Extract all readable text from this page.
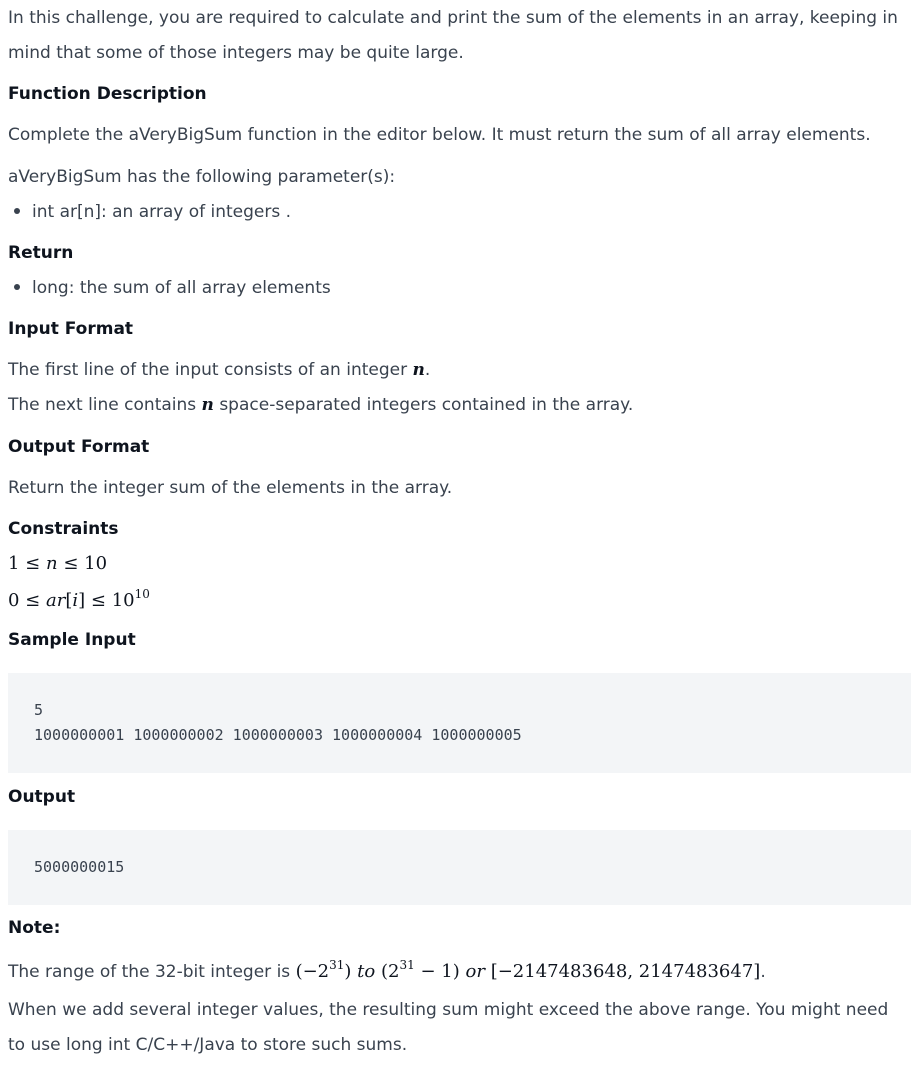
In this challenge, you are required to calculate and print the sum of the elements in an array, keeping in mind that some of those integers may be quite large.
Function Description
Complete the aVeryBigSum function in the editor below. It must return the sum of all array elements.
aVeryBigSum has the following parameter(s):
int ar[n]: an array of integers .
Return
long: the sum of all array elements
Input Format
The first line of the input consists of an integer n.
The next line contains n space-separated integers contained in the array.
Output Format
Return the integer sum of the elements in the array.
Constraints
1 ≤ n ≤ 10
$0 \le ar[i] \le 10^{10}$
Sample Input
5
1000000001 1000000002 1000000003 1000000004 1000000005
Output
5000000015
Note:
The range of the 32-bit integer is $(-2^{31})$ to $(2^{31} - 1)$ or [−2147483648, 2147483647].
When we add several integer values, the resulting sum might exceed the above range. You might need to use long int C/C++/Java to store such sums.
